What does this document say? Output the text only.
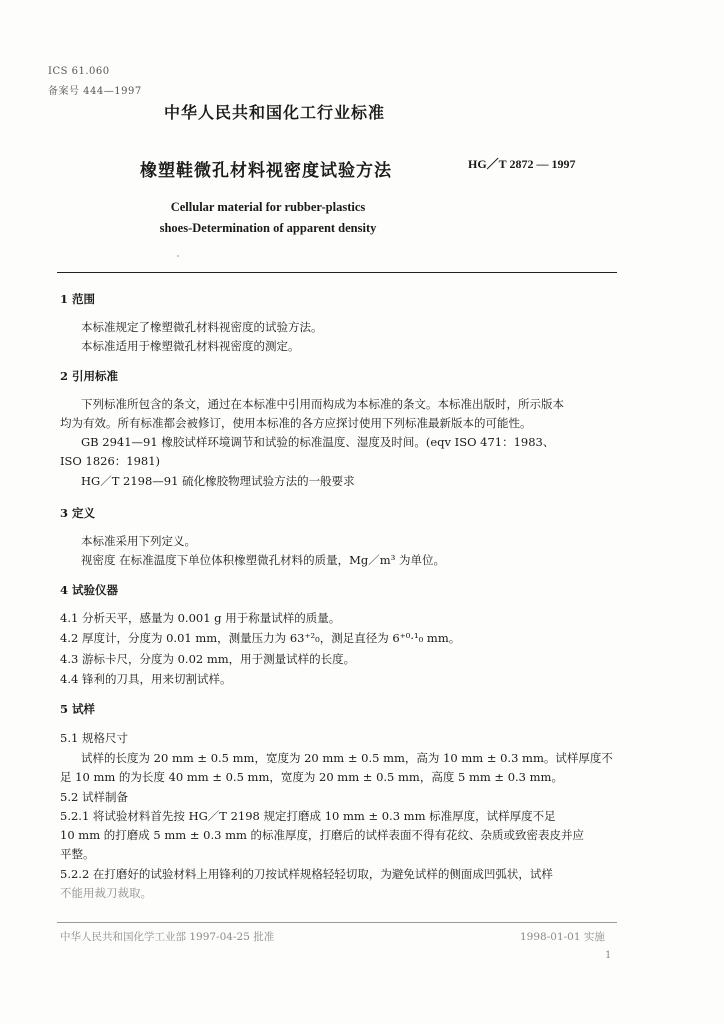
ICS 61.060
备案号 444—1997
中华人民共和国化工行业标准
橡塑鞋微孔材料视密度试验方法	HG／T 2872 — 1997
Cellular material for rubber-plastics
shoes-Determination of apparent density
1 范围
本标准规定了橡塑微孔材料视密度的试验方法。
本标准适用于橡塑微孔材料视密度的测定。
2 引用标准
下列标准所包含的条文，通过在本标准中引用而构成为本标准的条文。本标准出版时，所示版本
均为有效。所有标准都会被修订，使用本标准的各方应探讨使用下列标准最新版本的可能性。
GB 2941—91 橡胶试样环境调节和试验的标准温度、湿度及时间。(eqv ISO 471：1983、
ISO 1826：1981)
HG／T 2198—91 硫化橡胶物理试验方法的一般要求
3 定义
本标准采用下列定义。
视密度 在标准温度下单位体积橡塑微孔材料的质量，Mg／m³ 为单位。
4 试验仪器
4.1 分析天平，感量为 0.001 g 用于称量试样的质量。
4.2 厚度计，分度为 0.01 mm，测量压力为 63⁺²₀，测足直径为 6⁺⁰·¹₀ mm。
4.3 游标卡尺，分度为 0.02 mm，用于测量试样的长度。
4.4 锋利的刀具，用来切割试样。
5 试样
5.1 规格尺寸
试样的长度为 20 mm ± 0.5 mm，宽度为 20 mm ± 0.5 mm，高为 10 mm ± 0.3 mm。试样厚度不
足 10 mm 的为长度 40 mm ± 0.5 mm，宽度为 20 mm ± 0.5 mm，高度 5 mm ± 0.3 mm。
5.2 试样制备
5.2.1 将试验材料首先按 HG／T 2198 规定打磨成 10 mm ± 0.3 mm 标准厚度，试样厚度不足
10 mm 的打磨成 5 mm ± 0.3 mm 的标准厚度，打磨后的试样表面不得有花纹、杂质或致密表皮并应
平整。
5.2.2 在打磨好的试验材料上用锋利的刀按试样规格轻轻切取，为避免试样的侧面成凹弧状，试样
不能用裁刀裁取。
中华人民共和国化学工业部 1997-04-25 批准	1998-01-01 实施
1
